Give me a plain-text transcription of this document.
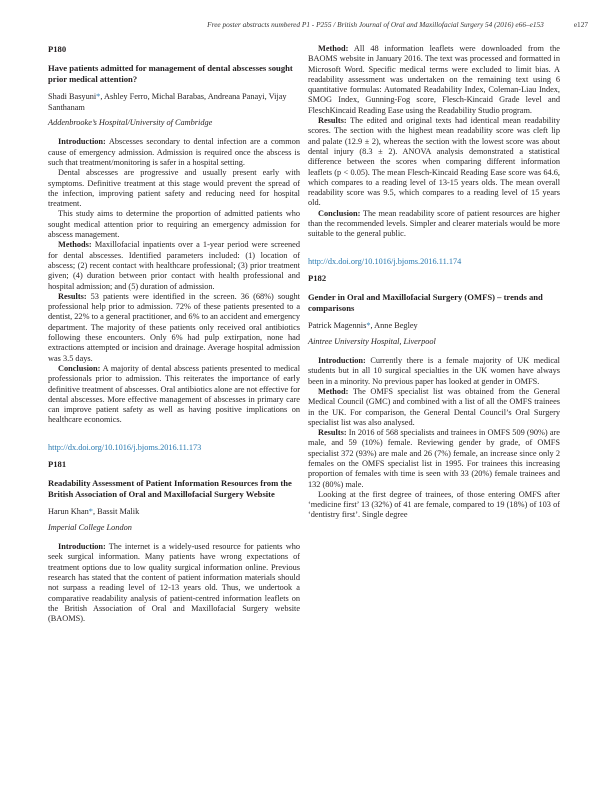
Free poster abstracts numbered P1 - P255 / British Journal of Oral and Maxillofacial Surgery 54 (2016) e66–e153	e127
P180
Have patients admitted for management of dental abscesses sought prior medical attention?
Shadi Basyuni*, Ashley Ferro, Michal Barabas, Andreana Panayi, Vijay Santhanam
Addenbrooke’s Hospital/University of Cambridge

Introduction: Abscesses secondary to dental infection are a common cause of emergency admission. Admission is required once the abscess is such that treatment/monitoring is safer in a hospital setting.

Dental abscesses are progressive and usually present early with symptoms. Definitive treatment at this stage would prevent the spread of the infection, improving patient safety and reducing need for hospital treatment.

This study aims to determine the proportion of admitted patients who sought medical attention prior to requiring an emergency admission for abscess management.

Methods: Maxillofacial inpatients over a 1-year period were screened for dental abscesses. Identified parameters included: (1) location of abscess; (2) recent contact with healthcare professional; (3) prior treatment given; (4) duration between prior contact with health professional and hospital admission; and (5) duration of admission.

Results: 53 patients were identified in the screen. 36 (68%) sought professional help prior to admission. 72% of these patients presented to a dentist, 22% to a general practitioner, and 6% to an accident and emergency department. The majority of these patients only received oral antibiotics following these encounters. Only 6% had pulp extirpation, none had extractions attempted or incision and drainage. Average hospital admission was 3.5 days.

Conclusion: A majority of dental abscess patients presented to medical professionals prior to admission. This reiterates the importance of early definitive treatment of abscesses. Oral antibiotics alone are not effective for dental abscesses. More effective management of abscesses in primary care can improve patient safety as well as having positive implications on healthcare economics.

http://dx.doi.org/10.1016/j.bjoms.2016.11.173
P181
Readability Assessment of Patient Information Resources from the British Association of Oral and Maxillofacial Surgery Website
Harun Khan*, Bassit Malik
Imperial College London

Introduction: The internet is a widely-used resource for patients who seek surgical information. Many patients have wrong expectations of treatment options due to low quality surgical information online. Previous research has stated that the content of patient information materials should not surpass a reading level of 12-13 years old. Thus, we undertook a comparative readability analysis of patient-centred information leaflets on the British Association of Oral and Maxillofacial Surgery website (BAOMS).

Method: All 48 information leaflets were downloaded from the BAOMS website in January 2016. The text was processed and formatted in Microsoft Word. Specific medical terms were excluded to limit bias. A readability assessment was undertaken on the remaining text using 6 quantitative formulas: Automated Readability Index, Coleman-Liau Index, SMOG Index, Gunning-Fog score, Flesch-Kincaid Grade level and FleschKincaid Reading Ease using the Readability Studio program.

Results: The edited and original texts had identical mean readability scores. The section with the highest mean readability score was cleft lip and palate (12.9 ± 2), whereas the section with the lowest score was about dental injury (8.3 ± 2). ANOVA analysis demonstrated a statistical difference between the scores when comparing different information leaflets (p < 0.05). The mean Flesch-Kincaid Reading Ease score was 64.6, which compares to a reading level of 13-15 years olds. The mean overall readability score was 9.5, which compares to a reading level of 15 years old.

Conclusion: The mean readability score of patient resources are higher than the recommended levels. Simpler and clearer materials would be more suitable to the general public.

http://dx.doi.org/10.1016/j.bjoms.2016.11.174
P182
Gender in Oral and Maxillofacial Surgery (OMFS) – trends and comparisons
Patrick Magennis*, Anne Begley
Aintree University Hospital, Liverpool

Introduction: Currently there is a female majority of UK medical students but in all 10 surgical specialties in the UK women have always been in a minority. No previous paper has looked at gender in OMFS.

Method: The OMFS specialist list was obtained from the General Medical Council (GMC) and combined with a list of all the OMFS trainees in the UK. For comparison, the General Dental Council’s Oral Surgery specialist list was also analysed.

Results: In 2016 of 568 specialists and trainees in OMFS 509 (90%) are male, and 59 (10%) female. Reviewing gender by grade, of OMFS specialist 372 (93%) are male and 26 (7%) female, an increase since only 2 females on the OMFS specialist list in 1995. For trainees this increasing proportion of females with time is seen with 33 (20%) female trainees and 132 (80%) male.

Looking at the first degree of trainees, of those entering OMFS after ‘medicine first’ 13 (32%) of 41 are female, compared to 19 (18%) of 103 of ‘dentistry first’. Single degree
